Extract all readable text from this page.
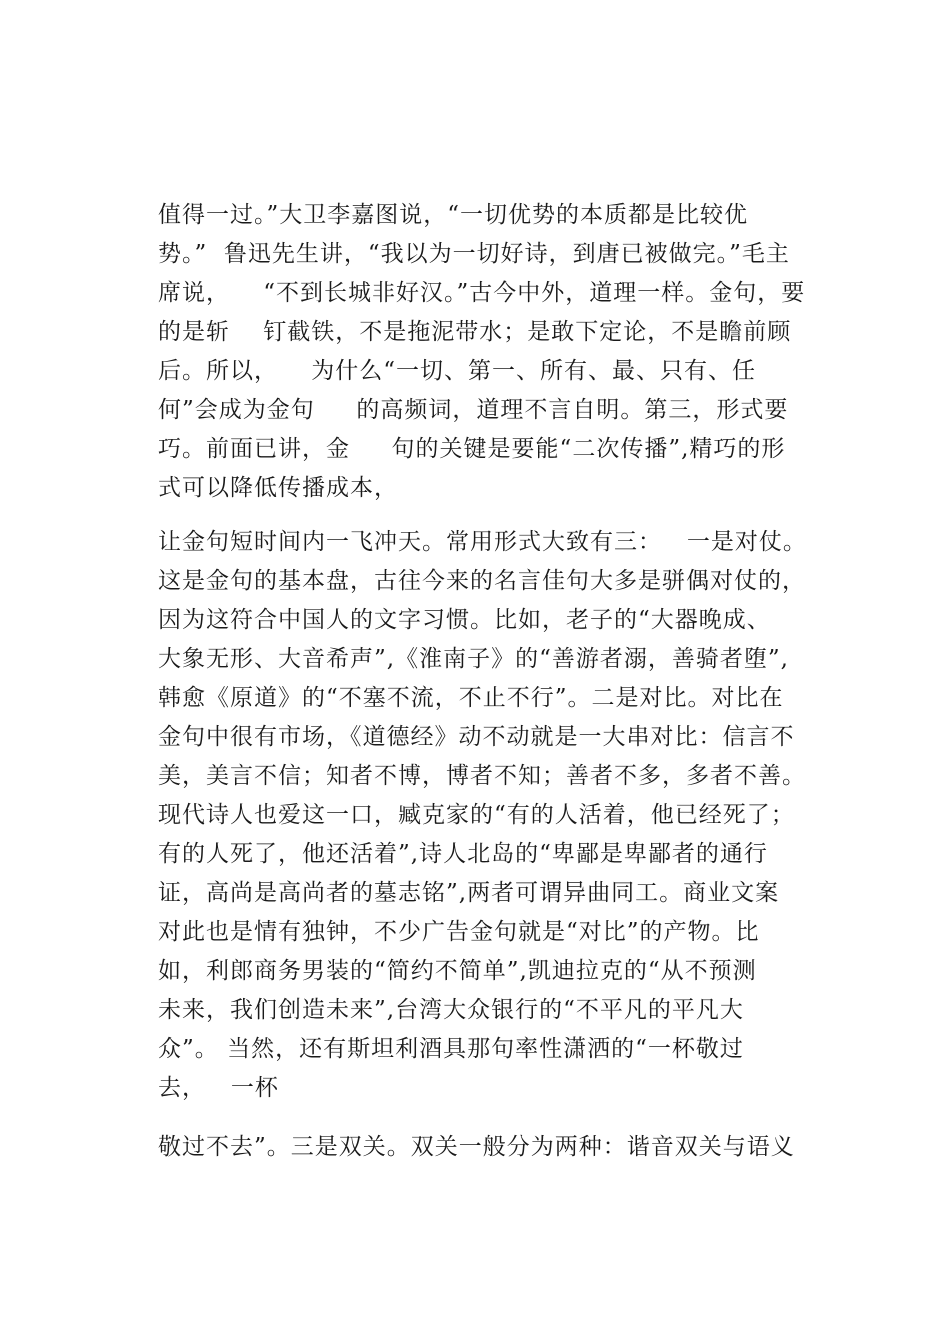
值得一过。”大卫李嘉图说，“一切优势的本质都是比较优
势。”  鲁迅先生讲，“我以为一切好诗，到唐已被做完。”毛主
席说，    “不到长城非好汉。”古今中外，道理一样。金句，要
的是斩    钉截铁，不是拖泥带水；是敢下定论，不是瞻前顾
后。所以，    为什么“一切、第一、所有、最、只有、任
何”会成为金句     的高频词，道理不言自明。第三，形式要
巧。前面已讲，金     句的关键是要能“二次传播”,精巧的形
式可以降低传播成本，

让金句短时间内一飞冲天。常用形式大致有三：   一是对仗。
这是金句的基本盘，古往今来的名言佳句大多是骈偶对仗的，
因为这符合中国人的文字习惯。比如，老子的“大器晚成、
大象无形、大音希声”,《淮南子》的“善游者溺，善骑者堕”,
韩愈《原道》的“不塞不流，不止不行”。二是对比。对比在
金句中很有市场，《道德经》动不动就是一大串对比：信言不
美，美言不信；知者不博，博者不知；善者不多，多者不善。
现代诗人也爱这一口，臧克家的“有的人活着，他已经死了；
有的人死了，他还活着”,诗人北岛的“卑鄙是卑鄙者的通行
证，高尚是高尚者的墓志铭”,两者可谓异曲同工。商业文案
对此也是情有独钟，不少广告金句就是“对比”的产物。比
如，利郎商务男装的“简约不简单”,凯迪拉克的“从不预测
未来，我们创造未来”,台湾大众银行的“不平凡的平凡大
众”。 当然，还有斯坦利酒具那句率性潇洒的“一杯敬过
去，   一杯

敬过不去”。三是双关。双关一般分为两种：谐音双关与语义
